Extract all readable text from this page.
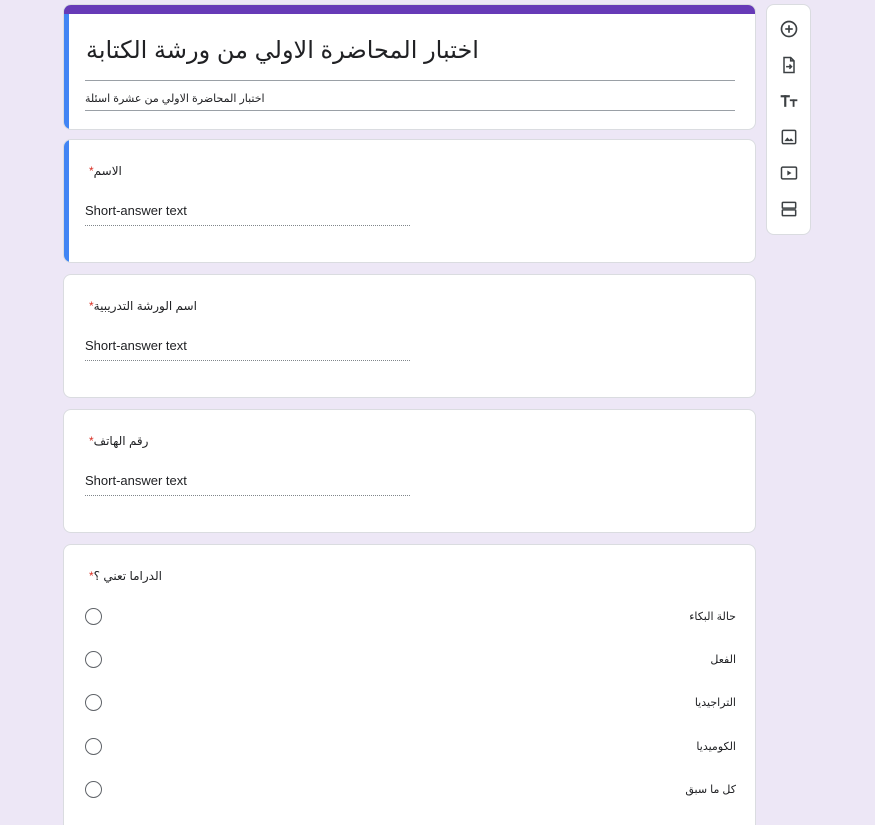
اختبار المحاضرة الاولي من ورشة الكتابة
اختبار المحاضرة الاولي من عشرة اسئلة
الاسم*
Short-answer text
اسم الورشة التدريبية*
Short-answer text
رقم الهاتف*
Short-answer text
الدراما تعني ؟*
حالة البكاء
الفعل
التراجيديا
الكوميديا
كل ما سبق
